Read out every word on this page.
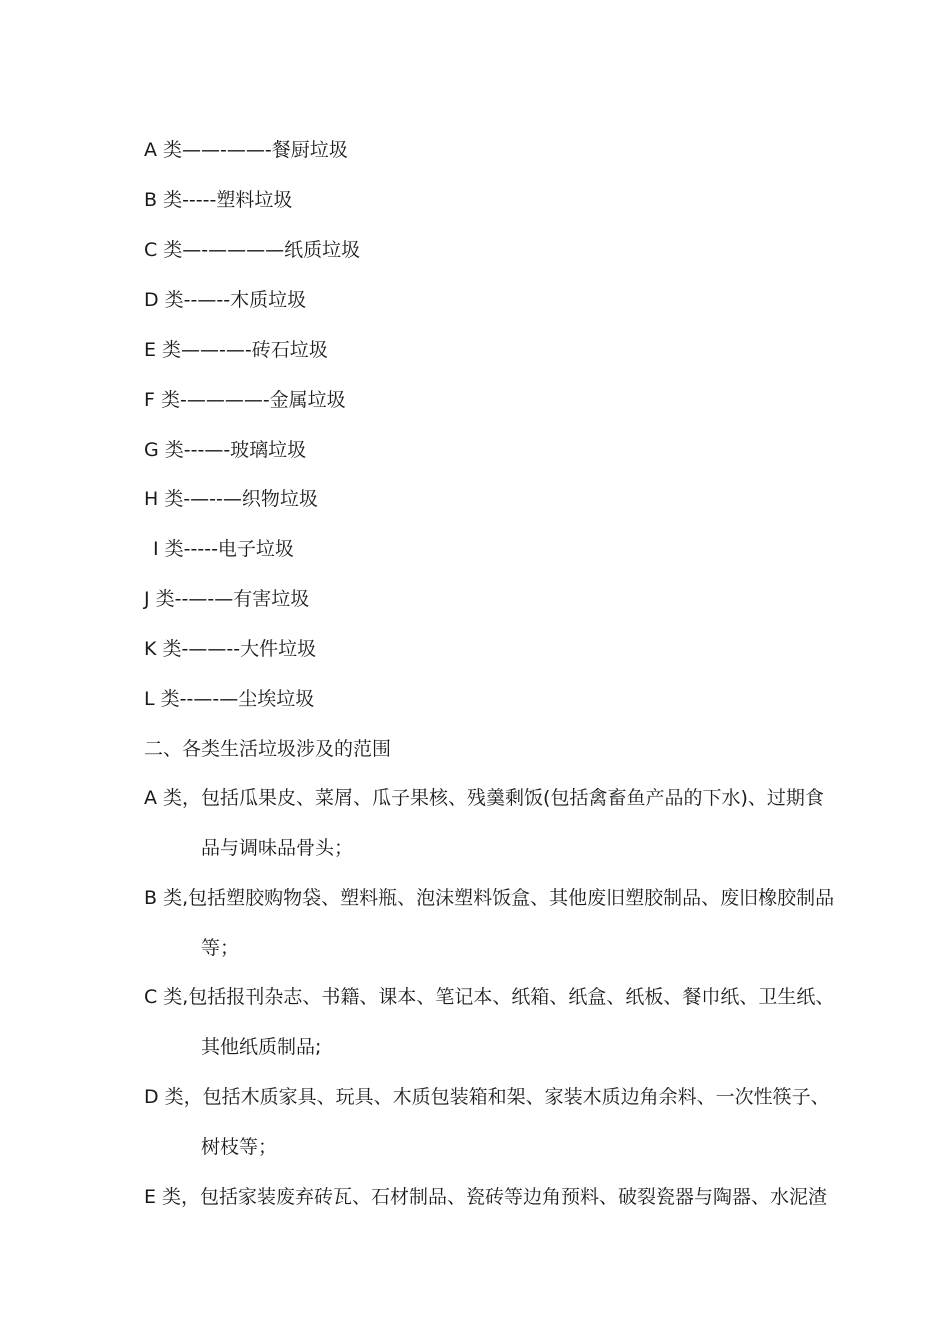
A 类——-——-餐厨垃圾
B 类-----塑料垃圾
C 类—-————纸质垃圾
D 类--—--木质垃圾
E 类——-—-砖石垃圾
F 类-————-金属垃圾
G 类---—-玻璃垃圾
H 类-—--—织物垃圾
I 类-----电子垃圾
J 类--—-—有害垃圾
K 类-——--大件垃圾
L 类--—-—尘埃垃圾
二、各类生活垃圾涉及的范围
A 类，包括瓜果皮、菜屑、瓜子果核、残羹剩饭(包括禽畜鱼产品的下水)、过期食
品与调味品骨头；
B 类,包括塑胶购物袋、塑料瓶、泡沫塑料饭盒、其他废旧塑胶制品、废旧橡胶制品
等；
C 类,包括报刊杂志、书籍、课本、笔记本、纸箱、纸盒、纸板、餐巾纸、卫生纸、
其他纸质制品;
D 类，包括木质家具、玩具、木质包装箱和架、家装木质边角余料、一次性筷子、
树枝等；
E 类，包括家装废弃砖瓦、石材制品、瓷砖等边角预料、破裂瓷器与陶器、水泥渣
